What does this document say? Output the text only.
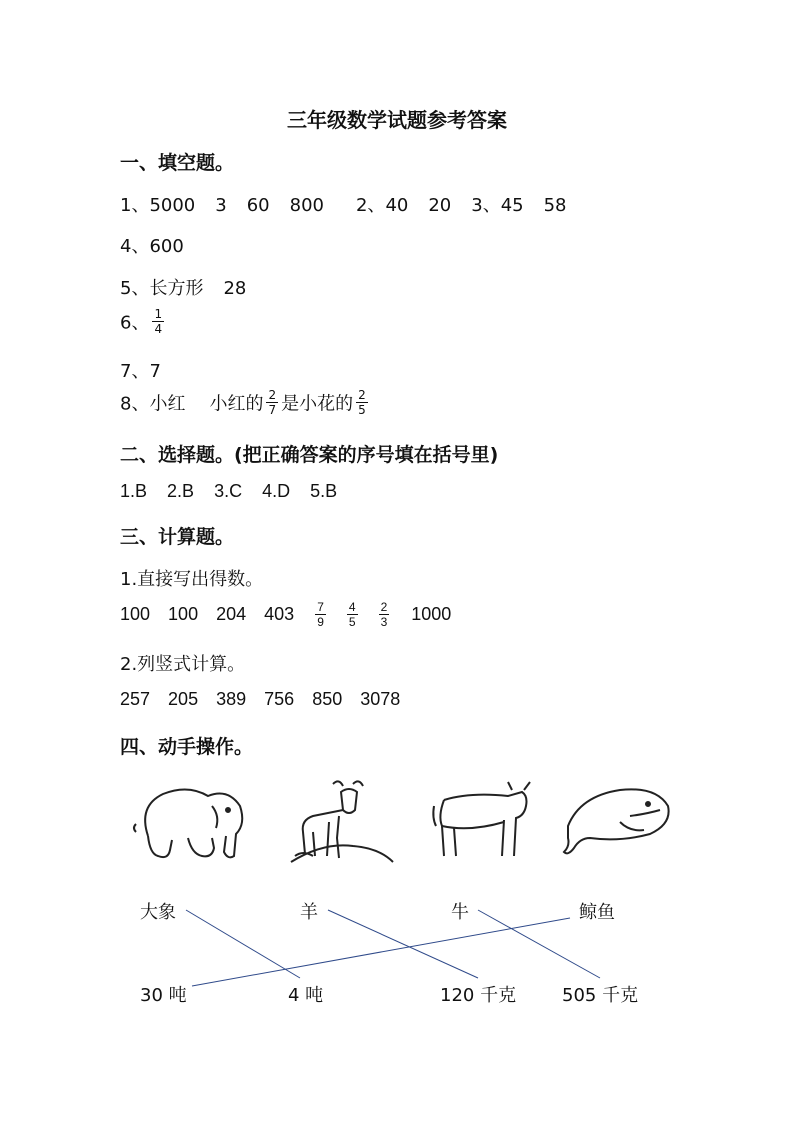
三年级数学试题参考答案
一、填空题。
1、5000 3 60 800 2、40 20 3、45 58
4、600
5、长方形 28
6、 $\frac{1}{4}$
7、7
8、小红 小红的 $\frac{2}{7}$ 是小花的 $\frac{2}{5}$
二、选择题。(把正确答案的序号填在括号里)
1.B 2.B 3.C 4.D 5.B
三、计算题。
1.直接写出得数。
100 100 204 $403 \frac{7}{9} \frac{4}{5} \frac{2}{3} 1000$
2.列竖式计算。
257 205 389 756 850 3078
四、动手操作。
大象	羊	牛	鲸鱼
30 吨	4 吨	120 千克	505 千克
